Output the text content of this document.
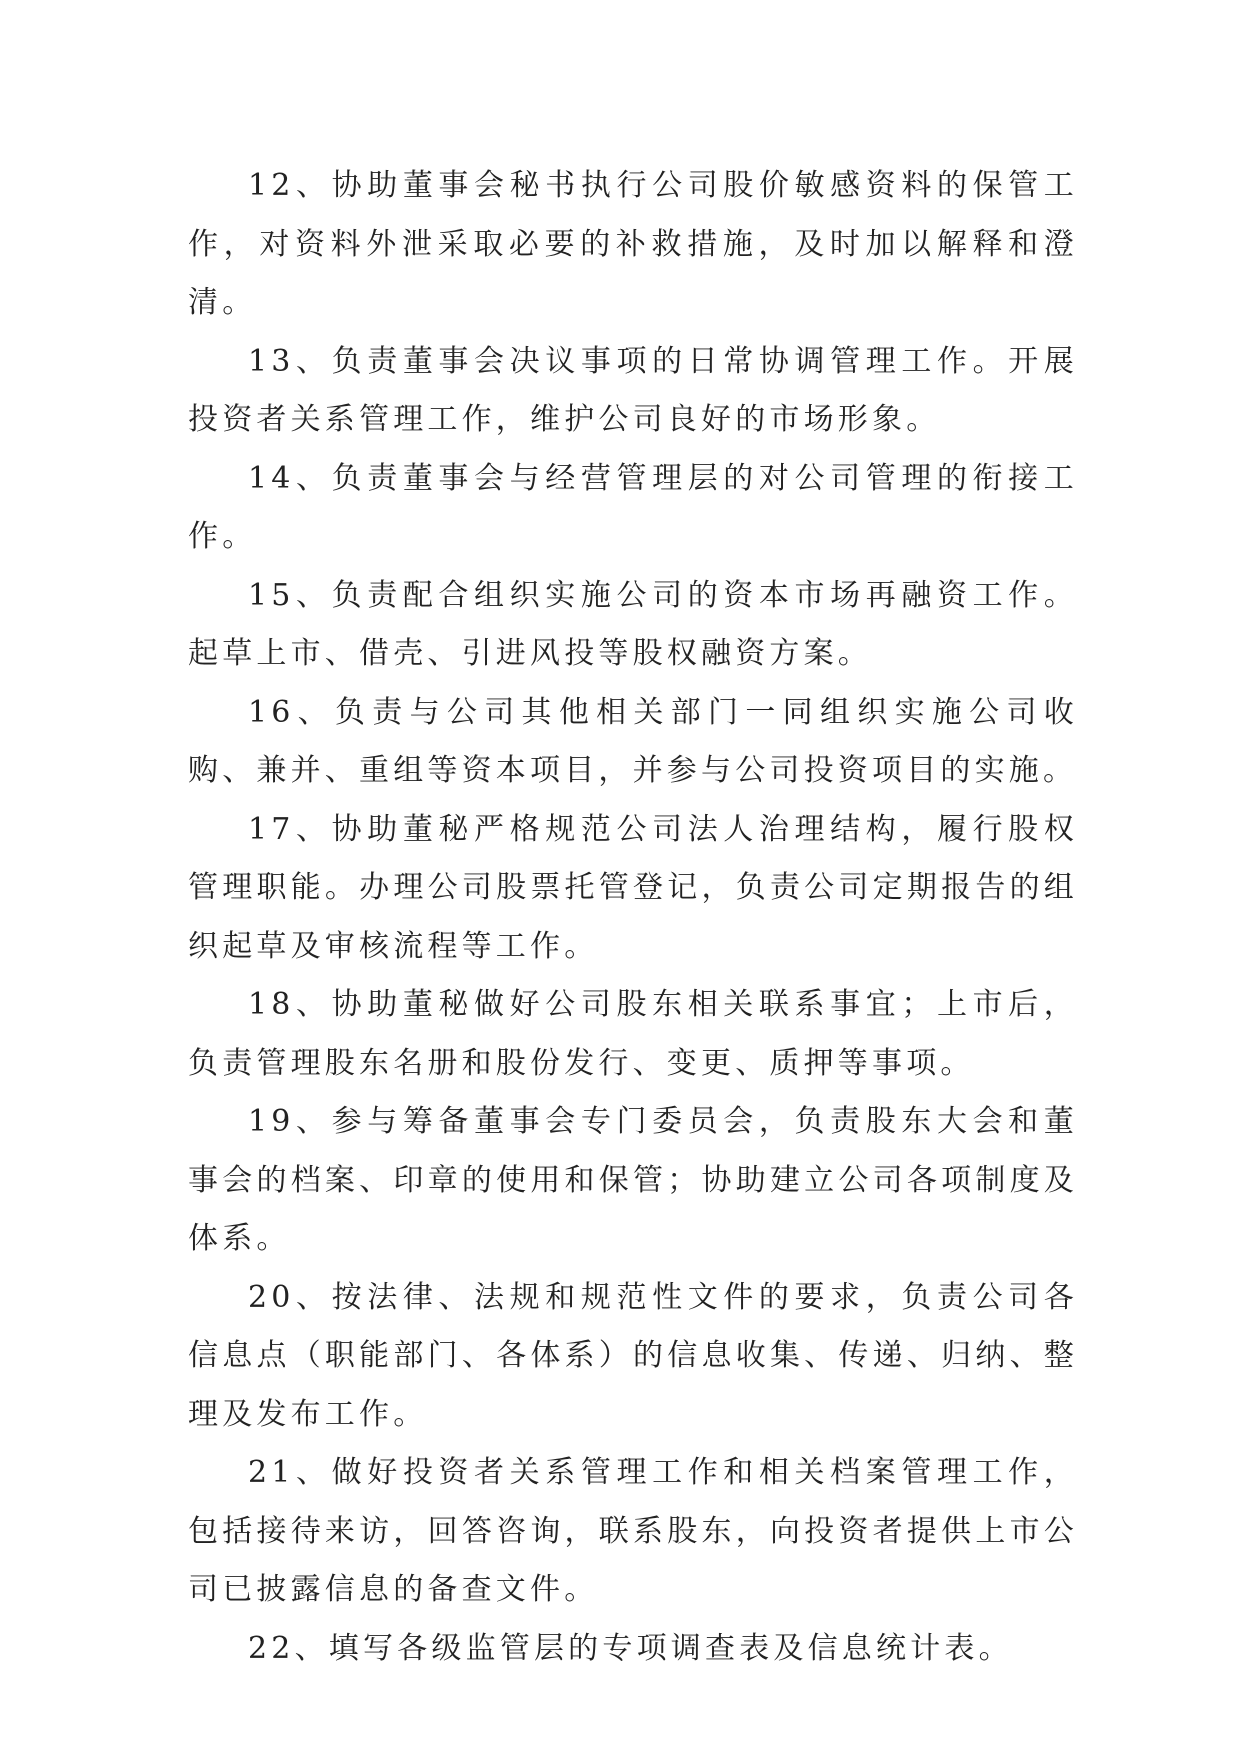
12、协助董事会秘书执行公司股价敏感资料的保管工作，对资料外泄采取必要的补救措施，及时加以解释和澄清。

13、负责董事会决议事项的日常协调管理工作。开展投资者关系管理工作，维护公司良好的市场形象。

14、负责董事会与经营管理层的对公司管理的衔接工作。

15、负责配合组织实施公司的资本市场再融资工作。起草上市、借壳、引进风投等股权融资方案。

16、负责与公司其他相关部门一同组织实施公司收购、兼并、重组等资本项目，并参与公司投资项目的实施。

17、协助董秘严格规范公司法人治理结构，履行股权管理职能。办理公司股票托管登记，负责公司定期报告的组织起草及审核流程等工作。

18、协助董秘做好公司股东相关联系事宜；上市后，负责管理股东名册和股份发行、变更、质押等事项。

19、参与筹备董事会专门委员会，负责股东大会和董事会的档案、印章的使用和保管；协助建立公司各项制度及体系。

20、按法律、法规和规范性文件的要求，负责公司各信息点（职能部门、各体系）的信息收集、传递、归纳、整理及发布工作。

21、做好投资者关系管理工作和相关档案管理工作，包括接待来访，回答咨询，联系股东，向投资者提供上市公司已披露信息的备查文件。

22、填写各级监管层的专项调查表及信息统计表。
